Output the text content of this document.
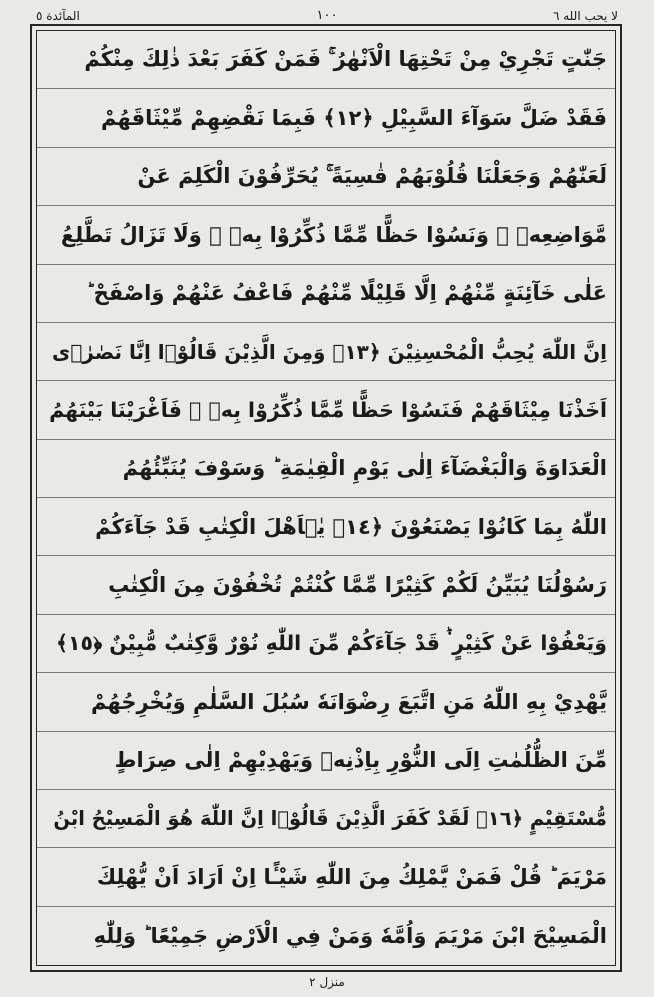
المآئدة ٥	١٠٠	لا يحب الله ٦
جَنّٰتٍ تَجْرِيْ مِنْ تَحْتِهَا الْاَنْهٰرُ ۚ فَمَنْ كَفَرَ بَعْدَ ذٰلِكَ مِنْكُمْ
فَقَدْ ضَلَّ سَوَآءَ السَّبِيْلِ ﴿١٢﴾ فَبِمَا نَقْضِهِمْ مِّيْثَاقَهُمْ
لَعَنّٰهُمْ وَجَعَلْنَا قُلُوْبَهُمْ قٰسِيَةً ۚ يُحَرِّفُوْنَ الْكَلِمَ عَنْ
مَّوَاضِعِهٖ ۙ وَنَسُوْا حَظًّا مِّمَّا ذُكِّرُوْا بِهٖ ۚ وَلَا تَزَالُ تَطَّلِعُ
عَلٰى خَآئِنَةٍ مِّنْهُمْ اِلَّا قَلِيْلًا مِّنْهُمْ فَاعْفُ عَنْهُمْ وَاصْفَحْ ؕ
اِنَّ اللّٰهَ يُحِبُّ الْمُحْسِنِيْنَ ﴿١٣﴾ وَمِنَ الَّذِيْنَ قَالُوْۤا اِنَّا نَصٰرٰۤى
اَخَذْنَا مِيْثَاقَهُمْ فَنَسُوْا حَظًّا مِّمَّا ذُكِّرُوْا بِهٖ ۪ فَاَغْرَيْنَا بَيْنَهُمُ
الْعَدَاوَةَ وَالْبَغْضَآءَ اِلٰى يَوْمِ الْقِيٰمَةِ ؕ وَسَوْفَ يُنَبِّئُهُمُ
اللّٰهُ بِمَا كَانُوْا يَصْنَعُوْنَ ﴿١٤﴾ يٰۤاَهْلَ الْكِتٰبِ قَدْ جَآءَكُمْ
رَسُوْلُنَا يُبَيِّنُ لَكُمْ كَثِيْرًا مِّمَّا كُنْتُمْ تُخْفُوْنَ مِنَ الْكِتٰبِ
وَيَعْفُوْا عَنْ كَثِيْرٍ ۬ؕ قَدْ جَآءَكُمْ مِّنَ اللّٰهِ نُوْرٌ وَّكِتٰبٌ مُّبِيْنٌ ﴿١٥﴾
يَّهْدِيْ بِهِ اللّٰهُ مَنِ اتَّبَعَ رِضْوَانَهٗ سُبُلَ السَّلٰمِ وَيُخْرِجُهُمْ
مِّنَ الظُّلُمٰتِ اِلَى النُّوْرِ بِاِذْنِهٖ وَيَهْدِيْهِمْ اِلٰى صِرَاطٍ
مُّسْتَقِيْمٍ ﴿١٦﴾ لَقَدْ كَفَرَ الَّذِيْنَ قَالُوْۤا اِنَّ اللّٰهَ هُوَ الْمَسِيْحُ ابْنُ
مَرْيَمَ ؕ قُلْ فَمَنْ يَّمْلِكُ مِنَ اللّٰهِ شَيْـًٔا اِنْ اَرَادَ اَنْ يُّهْلِكَ
الْمَسِيْحَ ابْنَ مَرْيَمَ وَاُمَّهٗ وَمَنْ فِي الْاَرْضِ جَمِيْعًا ؕ وَلِلّٰهِ
منزل ٢
